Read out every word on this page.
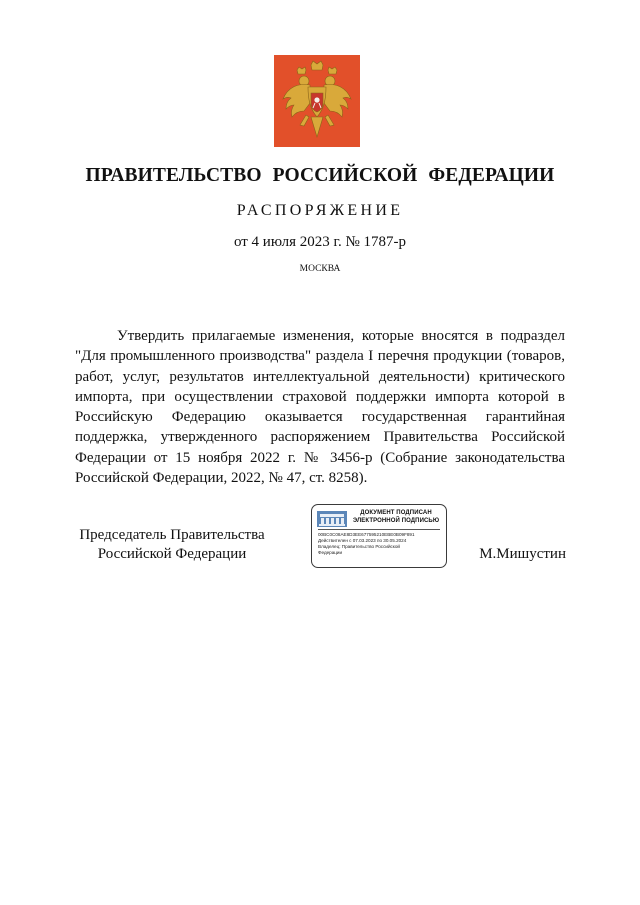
ПРАВИТЕЛЬСТВО РОССИЙСКОЙ ФЕДЕРАЦИИ
РАСПОРЯЖЕНИЕ
от 4 июля 2023 г. № 1787-р
МОСКВА

Утвердить прилагаемые изменения, которые вносятся в подраздел "Для промышленного производства" раздела I перечня продукции (товаров, работ, услуг, результатов интеллектуальной деятельности) критического импорта, при осуществлении страховой поддержки импорта которой в Российскую Федерацию оказывается государственная гарантийная поддержка, утвержденного распоряжением Правительства Российской Федерации от 15 ноября 2022 г. № 3456-р (Собрание законодательства Российской Федерации, 2022, № 47, ст. 8258).

Председатель Правительства
Российской Федерации
ДОКУМЕНТ ПОДПИСАН
ЭЛЕКТРОННОЙ ПОДПИСЬЮ
00BC0C08AE8D3EE677595210EBE0B09F891
Действителен с 07.03.2023 по 30.05.2024
Владелец: Правительство Российской
Федерации	М.Мишустин
